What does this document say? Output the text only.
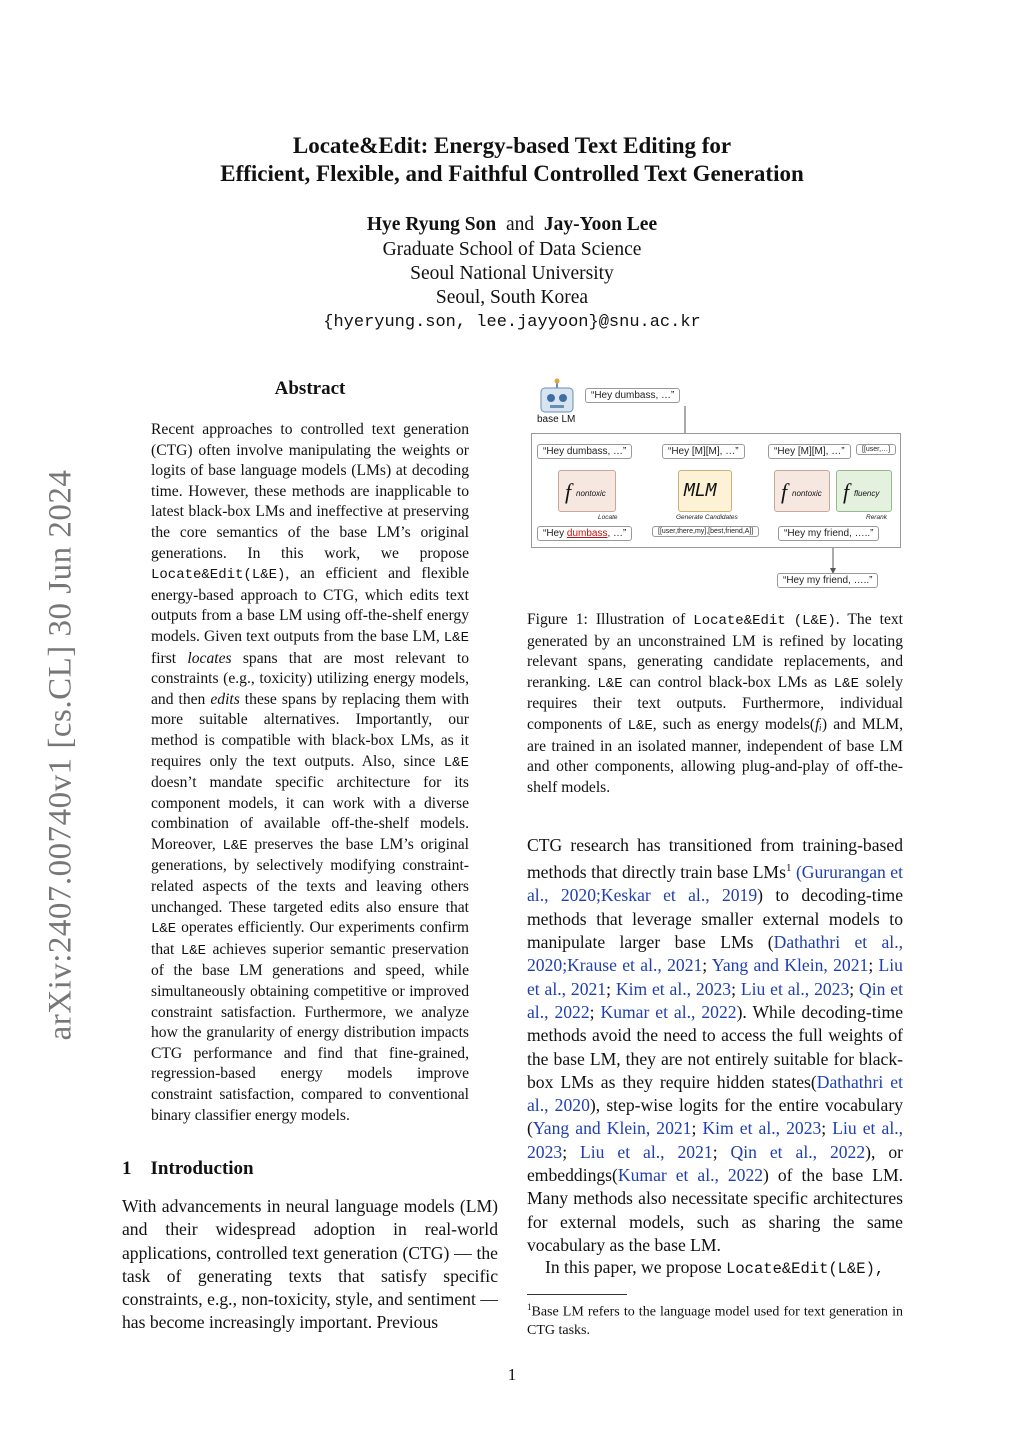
Locate&Edit: Energy-based Text Editing for
Efficient, Flexible, and Faithful Controlled Text Generation
Hye Ryung Son and Jay-Yoon Lee
Graduate School of Data Science
Seoul National University
Seoul, South Korea
{hyeryung.son, lee.jayyoon}@snu.ac.kr
arXiv:2407.00740v1 [cs.CL] 30 Jun 2024
Abstract
Recent approaches to controlled text generation (CTG) often involve manipulating the weights or logits of base language models (LMs) at decoding time. However, these methods are inapplicable to latest black-box LMs and ineffective at preserving the core semantics of the base LM’s original generations. In this work, we propose Locate&Edit(L&E), an efficient and flexible energy-based approach to CTG, which edits text outputs from a base LM using off-the-shelf energy models. Given text outputs from the base LM, L&E first locates spans that are most relevant to constraints (e.g., toxicity) utilizing energy models, and then edits these spans by replacing them with more suitable alternatives. Importantly, our method is compatible with black-box LMs, as it requires only the text outputs. Also, since L&E doesn’t mandate specific architecture for its component models, it can work with a diverse combination of available off-the-shelf models. Moreover, L&E preserves the base LM’s original generations, by selectively modifying constraint-related aspects of the texts and leaving others unchanged. These targeted edits also ensure that L&E operates efficiently. Our experiments confirm that L&E achieves superior semantic preservation of the base LM generations and speed, while simultaneously obtaining competitive or improved constraint satisfaction. Furthermore, we analyze how the granularity of energy distribution impacts CTG performance and find that fine-grained, regression-based energy models improve constraint satisfaction, compared to conventional binary classifier energy models.
1 Introduction
With advancements in neural language models (LM) and their widespread adoption in real-world applications, controlled text generation (CTG) — the task of generating texts that satisfy specific constraints, e.g., non-toxicity, style, and sentiment — has become increasingly important. Previous
base LM
“Hey dumbass, …”
“Hey dumbass, …”
f nontoxic
Locate
“Hey dumbass, …”
“Hey [M][M], …”
MLM
Generate Candidates
[[user,there,my],[best,friend,A]]
“Hey [M][M], …”	[[user,…]
f nontoxic f fluency
Rerank
“Hey my friend, …..”
“Hey my friend, …..”
Figure 1: Illustration of Locate&Edit (L&E). The text generated by an unconstrained LM is refined by locating relevant spans, generating candidate replacements, and reranking. L&E can control black-box LMs as L&E solely requires their text outputs. Furthermore, individual components of L&E, such as energy models(fᵢ) and MLM, are trained in an isolated manner, independent of base LM and other components, allowing plug-and-play of off-the-shelf models.
CTG research has transitioned from training-based methods that directly train base LMs$^1$ (Gururangan et al., 2020;Keskar et al., 2019) to decoding-time methods that leverage smaller external models to manipulate larger base LMs (Dathathri et al., 2020;Krause et al., 2021; Yang and Klein, 2021; Liu et al., 2021; Kim et al., 2023; Liu et al., 2023; Qin et al., 2022; Kumar et al., 2022). While decoding-time methods avoid the need to access the full weights of the base LM, they are not entirely suitable for black-box LMs as they require hidden states(Dathathri et al., 2020), step-wise logits for the entire vocabulary (Yang and Klein, 2021; Kim et al., 2023; Liu et al., 2023; Liu et al., 2021; Qin et al., 2022), or embeddings(Kumar et al., 2022) of the base LM. Many methods also necessitate specific architectures for external models, such as sharing the same vocabulary as the base LM.
In this paper, we propose Locate&Edit(L&E),
$^1$Base LM refers to the language model used for text generation in CTG tasks.
1
